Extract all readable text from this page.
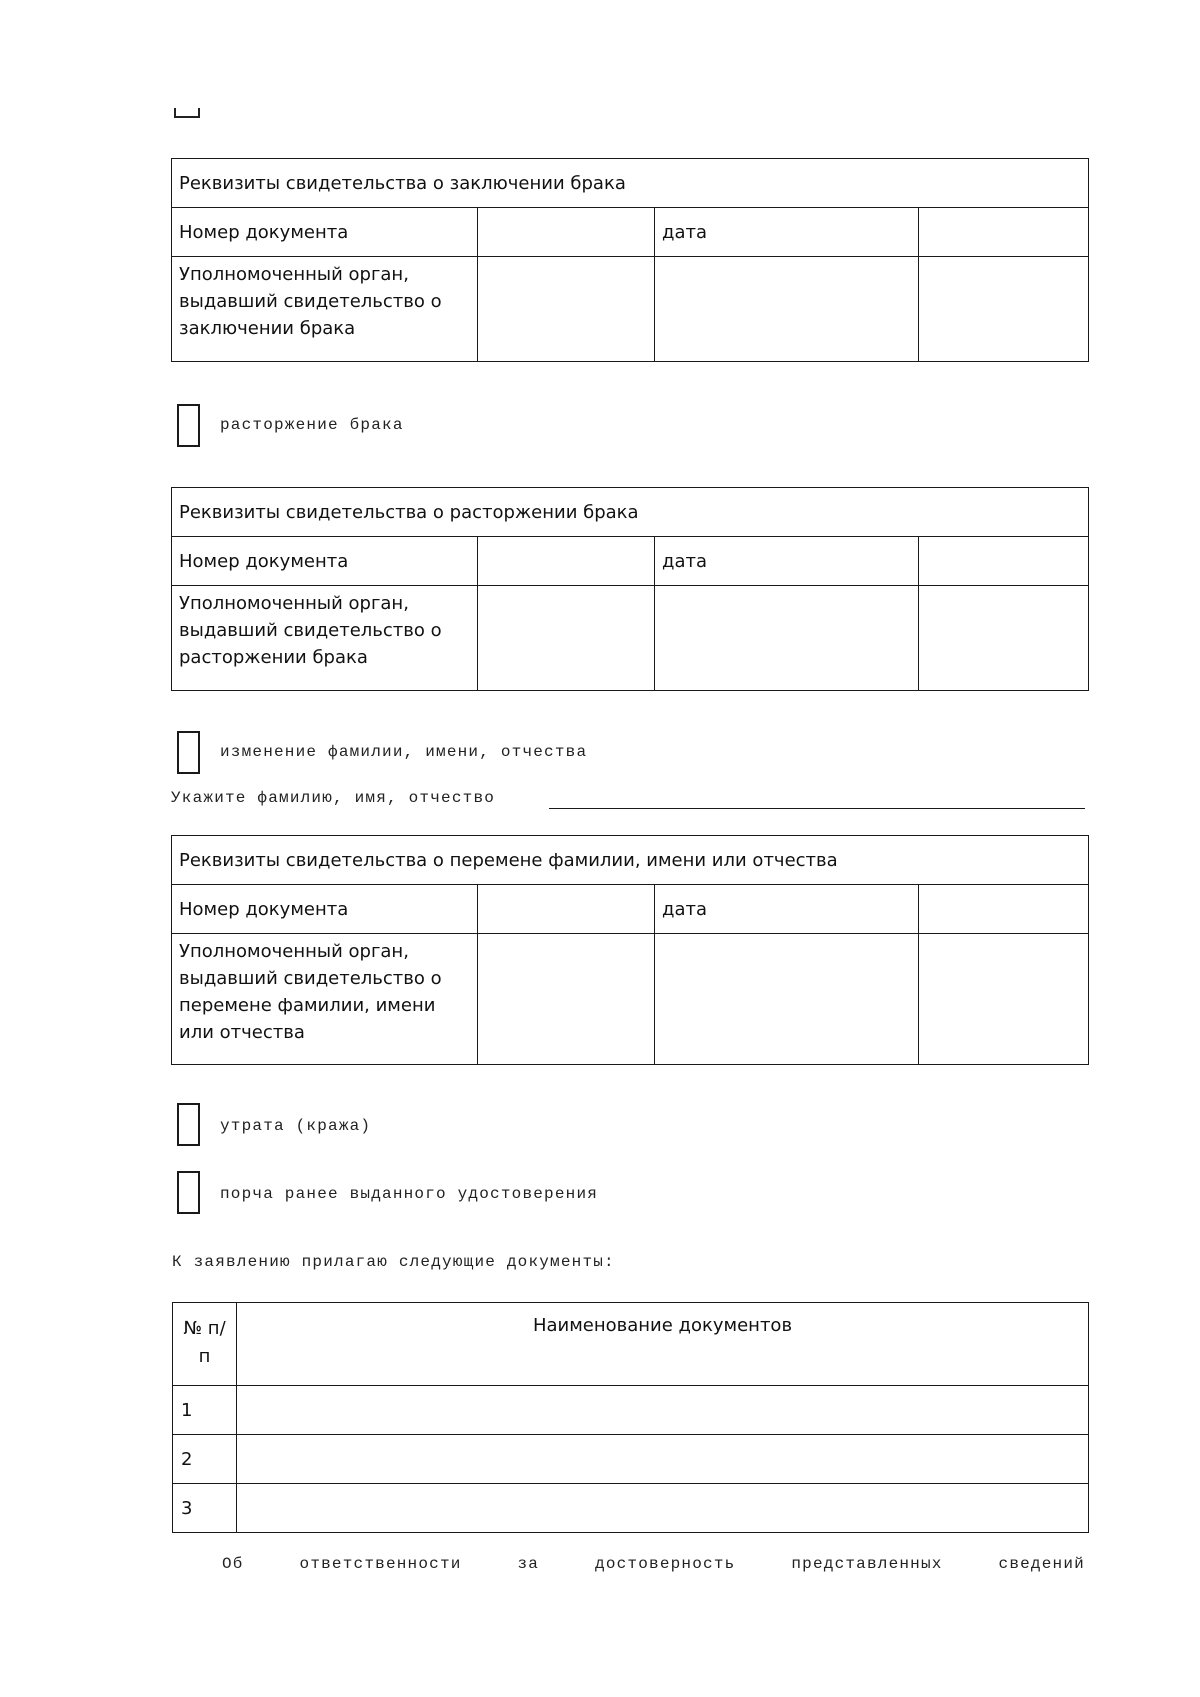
Реквизиты свидетельства о заключении брака			
Номер документа		дата	
Уполномоченный орган, выдавший свидетельство о заключении брака			
расторжение брака
Реквизиты свидетельства о расторжении брака			
Номер документа		дата	
Уполномоченный орган, выдавший свидетельство о расторжении брака			
изменение фамилии, имени, отчества
Укажите фамилию, имя, отчество
Реквизиты свидетельства о перемене фамилии, имени или отчества			
Номер документа		дата	
Уполномоченный орган, выдавший свидетельство о перемене фамилии, имени или отчества			
утрата (кража)
порча ранее выданного удостоверения
К заявлению прилагаю следующие документы:
№ п/п	Наименование документов
1	
2	
3	
Об	ответственности	за	достоверность	представленных	сведений
